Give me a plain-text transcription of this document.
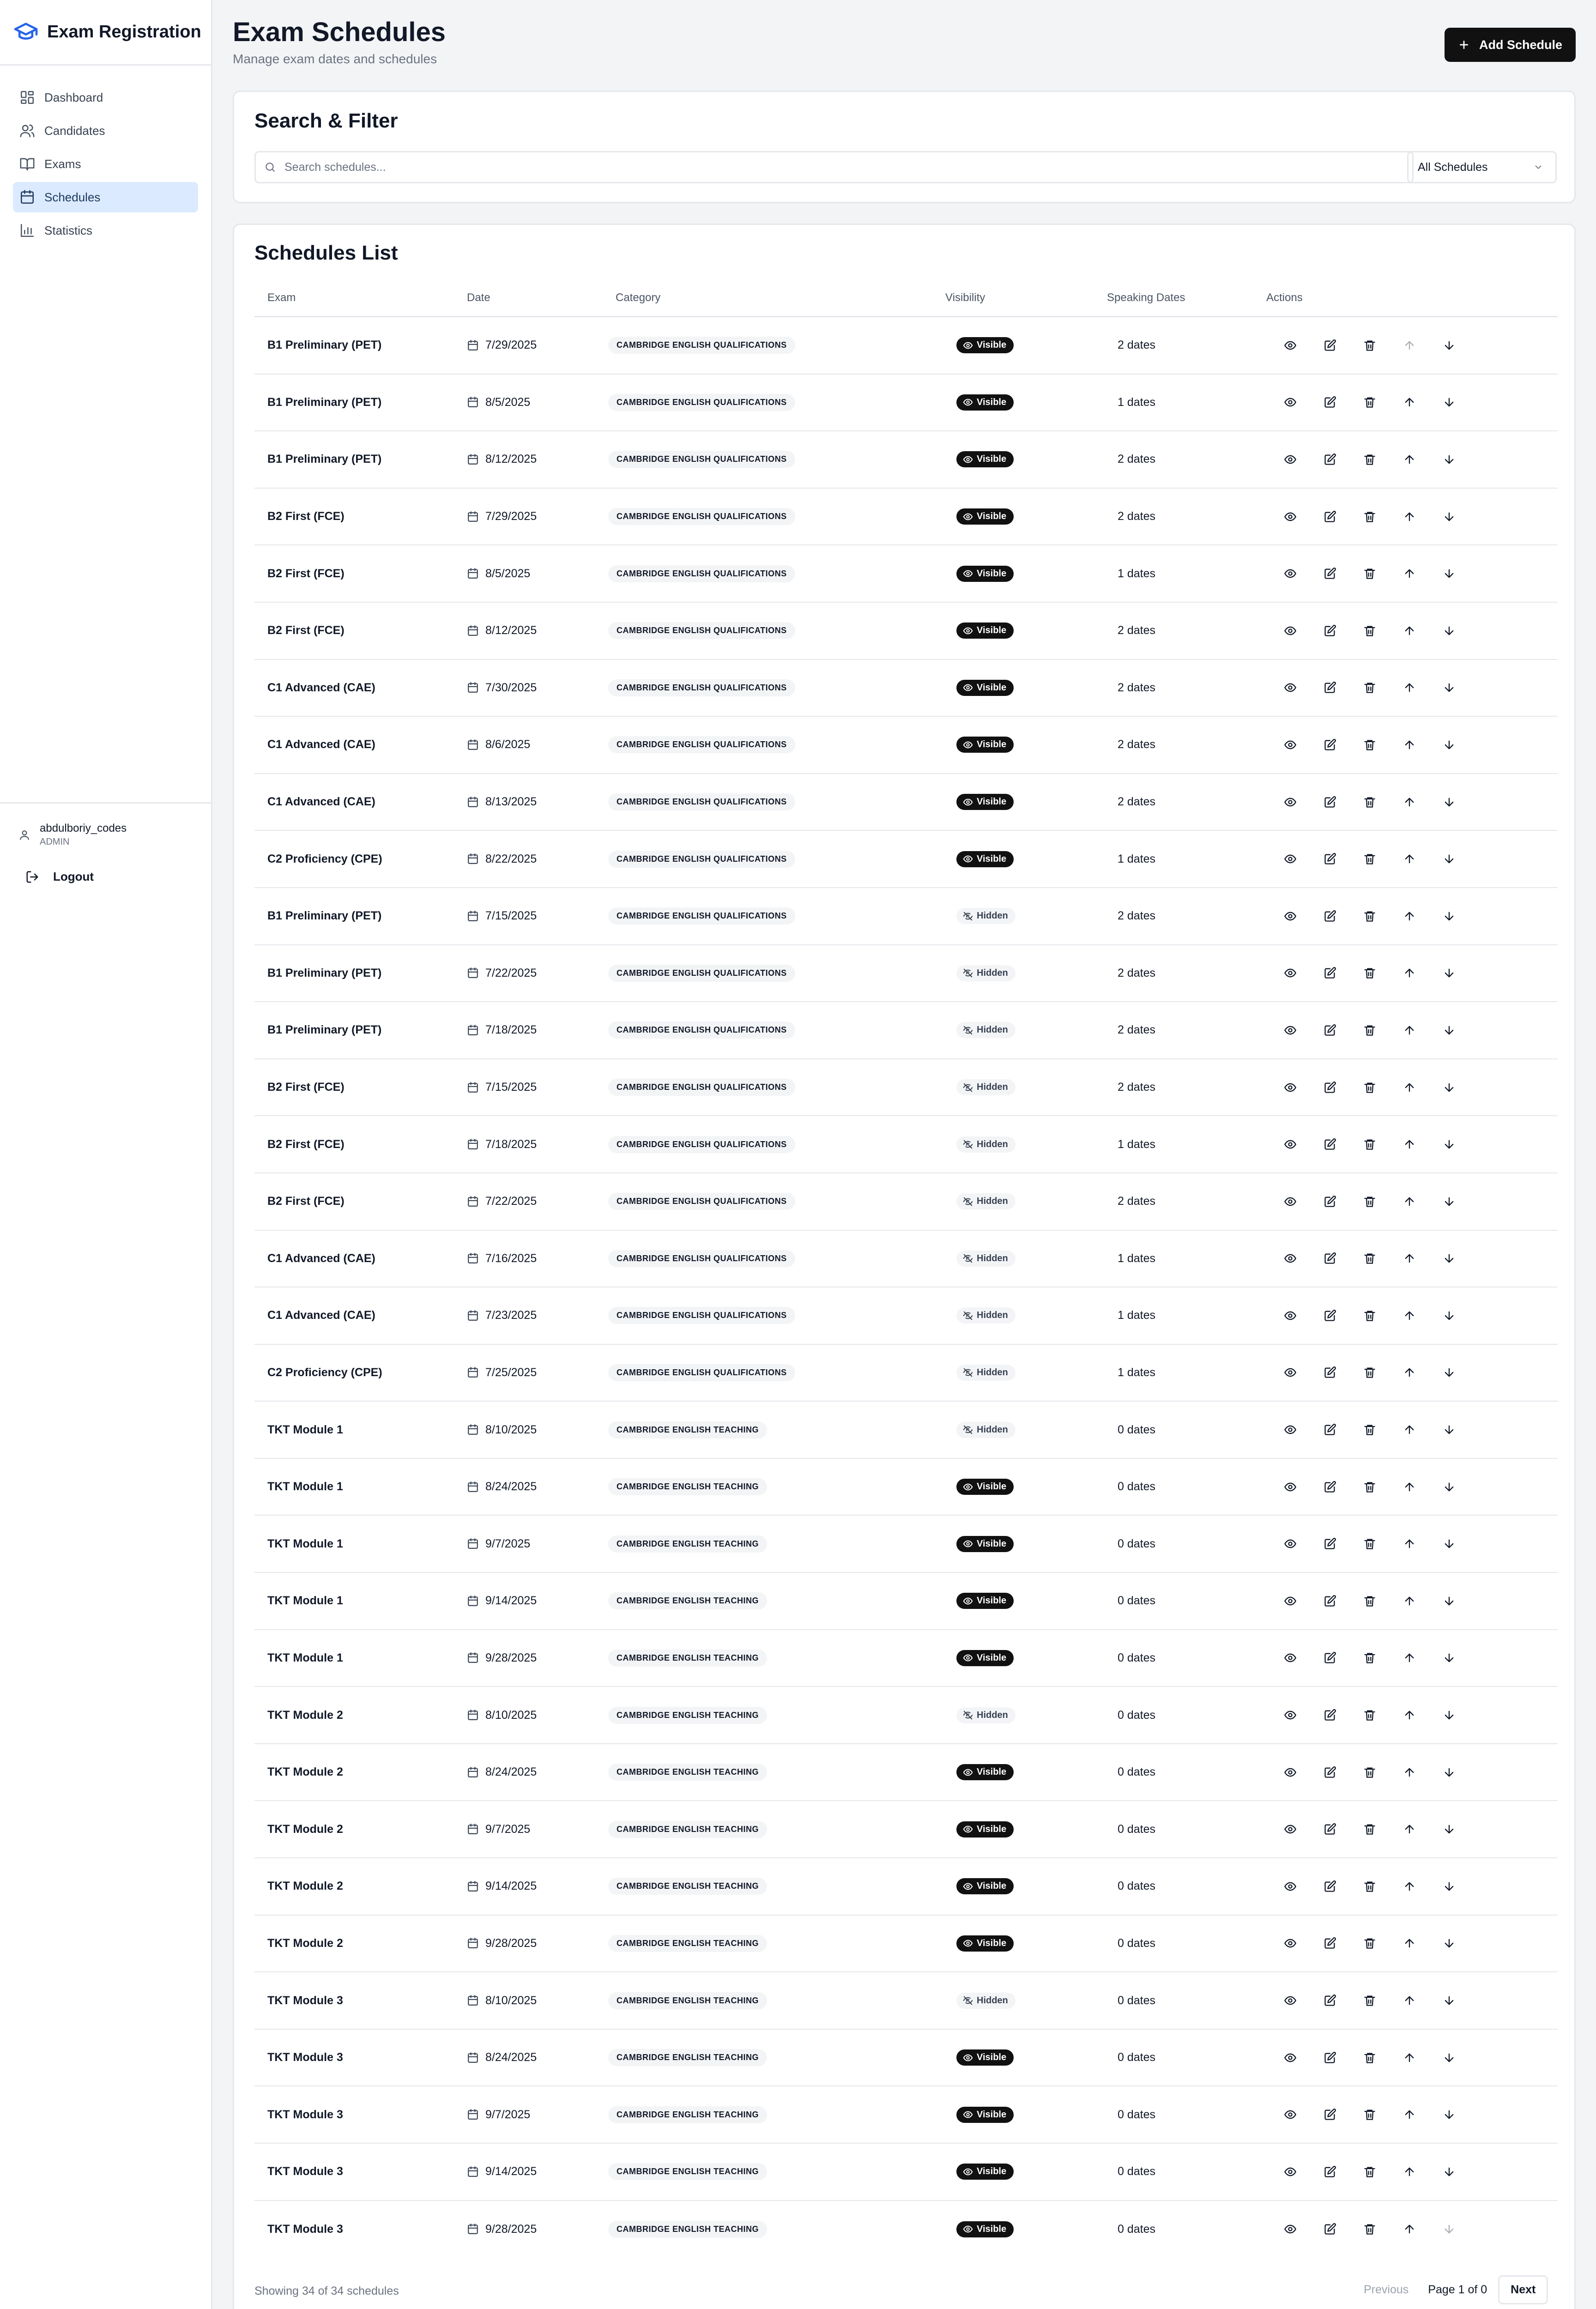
Exam Registration
Dashboard
Candidates
Exams
Schedules
Statistics
abdulboriy_codes
ADMIN
Logout
Exam Schedules
Manage exam dates and schedules
Add Schedule
Search & Filter
Search schedules...
All Schedules
Schedules List
Exam	Date	Category	Visibility	Speaking Dates	Actions
B1 Preliminary (PET)	7/29/2025	CAMBRIDGE ENGLISH QUALIFICATIONS	Visible	2 dates
B1 Preliminary (PET)	8/5/2025	CAMBRIDGE ENGLISH QUALIFICATIONS	Visible	1 dates
B1 Preliminary (PET)	8/12/2025	CAMBRIDGE ENGLISH QUALIFICATIONS	Visible	2 dates
B2 First (FCE)	7/29/2025	CAMBRIDGE ENGLISH QUALIFICATIONS	Visible	2 dates
B2 First (FCE)	8/5/2025	CAMBRIDGE ENGLISH QUALIFICATIONS	Visible	1 dates
B2 First (FCE)	8/12/2025	CAMBRIDGE ENGLISH QUALIFICATIONS	Visible	2 dates
C1 Advanced (CAE)	7/30/2025	CAMBRIDGE ENGLISH QUALIFICATIONS	Visible	2 dates
C1 Advanced (CAE)	8/6/2025	CAMBRIDGE ENGLISH QUALIFICATIONS	Visible	2 dates
C1 Advanced (CAE)	8/13/2025	CAMBRIDGE ENGLISH QUALIFICATIONS	Visible	2 dates
C2 Proficiency (CPE)	8/22/2025	CAMBRIDGE ENGLISH QUALIFICATIONS	Visible	1 dates
B1 Preliminary (PET)	7/15/2025	CAMBRIDGE ENGLISH QUALIFICATIONS	Hidden	2 dates
B1 Preliminary (PET)	7/22/2025	CAMBRIDGE ENGLISH QUALIFICATIONS	Hidden	2 dates
B1 Preliminary (PET)	7/18/2025	CAMBRIDGE ENGLISH QUALIFICATIONS	Hidden	2 dates
B2 First (FCE)	7/15/2025	CAMBRIDGE ENGLISH QUALIFICATIONS	Hidden	2 dates
B2 First (FCE)	7/18/2025	CAMBRIDGE ENGLISH QUALIFICATIONS	Hidden	1 dates
B2 First (FCE)	7/22/2025	CAMBRIDGE ENGLISH QUALIFICATIONS	Hidden	2 dates
C1 Advanced (CAE)	7/16/2025	CAMBRIDGE ENGLISH QUALIFICATIONS	Hidden	1 dates
C1 Advanced (CAE)	7/23/2025	CAMBRIDGE ENGLISH QUALIFICATIONS	Hidden	1 dates
C2 Proficiency (CPE)	7/25/2025	CAMBRIDGE ENGLISH QUALIFICATIONS	Hidden	1 dates
TKT Module 1	8/10/2025	CAMBRIDGE ENGLISH TEACHING	Hidden	0 dates
TKT Module 1	8/24/2025	CAMBRIDGE ENGLISH TEACHING	Visible	0 dates
TKT Module 1	9/7/2025	CAMBRIDGE ENGLISH TEACHING	Visible	0 dates
TKT Module 1	9/14/2025	CAMBRIDGE ENGLISH TEACHING	Visible	0 dates
TKT Module 1	9/28/2025	CAMBRIDGE ENGLISH TEACHING	Visible	0 dates
TKT Module 2	8/10/2025	CAMBRIDGE ENGLISH TEACHING	Hidden	0 dates
TKT Module 2	8/24/2025	CAMBRIDGE ENGLISH TEACHING	Visible	0 dates
TKT Module 2	9/7/2025	CAMBRIDGE ENGLISH TEACHING	Visible	0 dates
TKT Module 2	9/14/2025	CAMBRIDGE ENGLISH TEACHING	Visible	0 dates
TKT Module 2	9/28/2025	CAMBRIDGE ENGLISH TEACHING	Visible	0 dates
TKT Module 3	8/10/2025	CAMBRIDGE ENGLISH TEACHING	Hidden	0 dates
TKT Module 3	8/24/2025	CAMBRIDGE ENGLISH TEACHING	Visible	0 dates
TKT Module 3	9/7/2025	CAMBRIDGE ENGLISH TEACHING	Visible	0 dates
TKT Module 3	9/14/2025	CAMBRIDGE ENGLISH TEACHING	Visible	0 dates
TKT Module 3	9/28/2025	CAMBRIDGE ENGLISH TEACHING	Visible	0 dates
Showing 34 of 34 schedules	Previous	Page 1 of 0	Next
